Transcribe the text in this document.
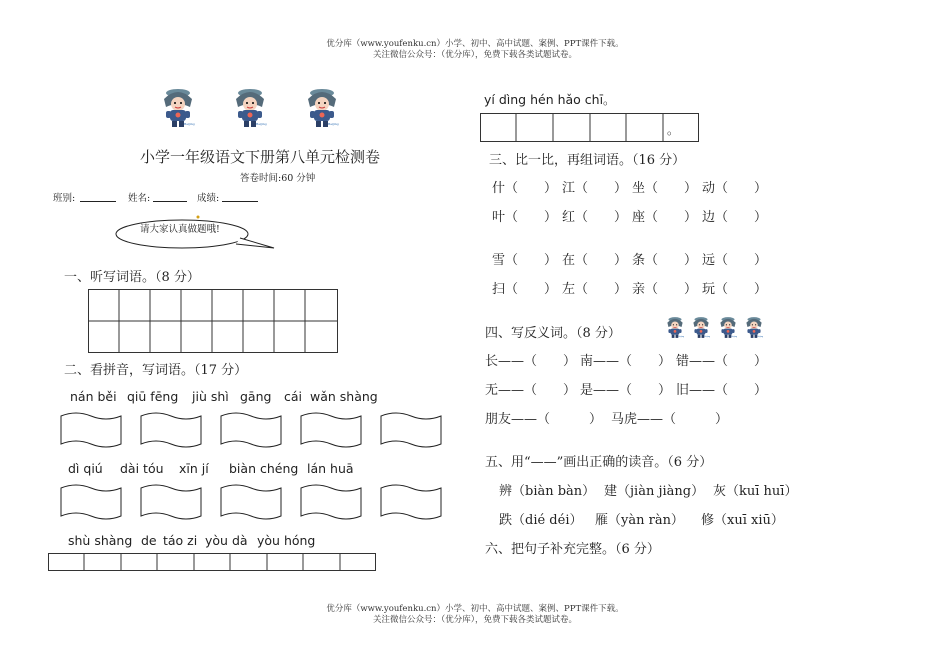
优分库（www.youfenku.cn）小学、初中、高中试题、案例、PPT课件下载。
关注微信公众号：（优分库），免费下载各类试题试卷。
小学一年级语文下册第八单元检测卷
答卷时间:60 分钟
班别:	姓名:	成绩:
请大家认真做题哦!
一、听写词语。（8 分）
二、看拼音，写词语。（17 分）
nán běi qiū fēng jiù shì gāng cái wǎn shàng
dì qiú dài tóu xīn jí biàn chéng lán huā
shù shàng de táo zi yòu dà yòu hóng
yí dìng hén hǎo chī。
。
三、比一比，再组词语。（16 分）
什（　　） 江（　　） 坐（　　） 动（　　）
叶（　　） 红（　　） 座（　　） 边（　　）
雪（　　） 在（　　） 条（　　） 远（　　）
扫（　　） 左（　　） 亲（　　） 玩（　　）
四、写反义词。（8 分）
长——（　　） 南——（　　） 错——（　　）
无——（　　） 是——（　　） 旧——（　　）
朋友——（　　　） 马虎——（　　　）
五、用“——”画出正确的读音。（6 分）
辨（biàn bàn） 建（jiàn jiàng） 灰（kuī huī）
跌（dié déi） 雁（yàn ràn） 修（xuī xiū）
六、把句子补充完整。（6 分）
优分库（www.youfenku.cn）小学、初中、高中试题、案例、PPT课件下载。
关注微信公众号：（优分库），免费下载各类试题试卷。
